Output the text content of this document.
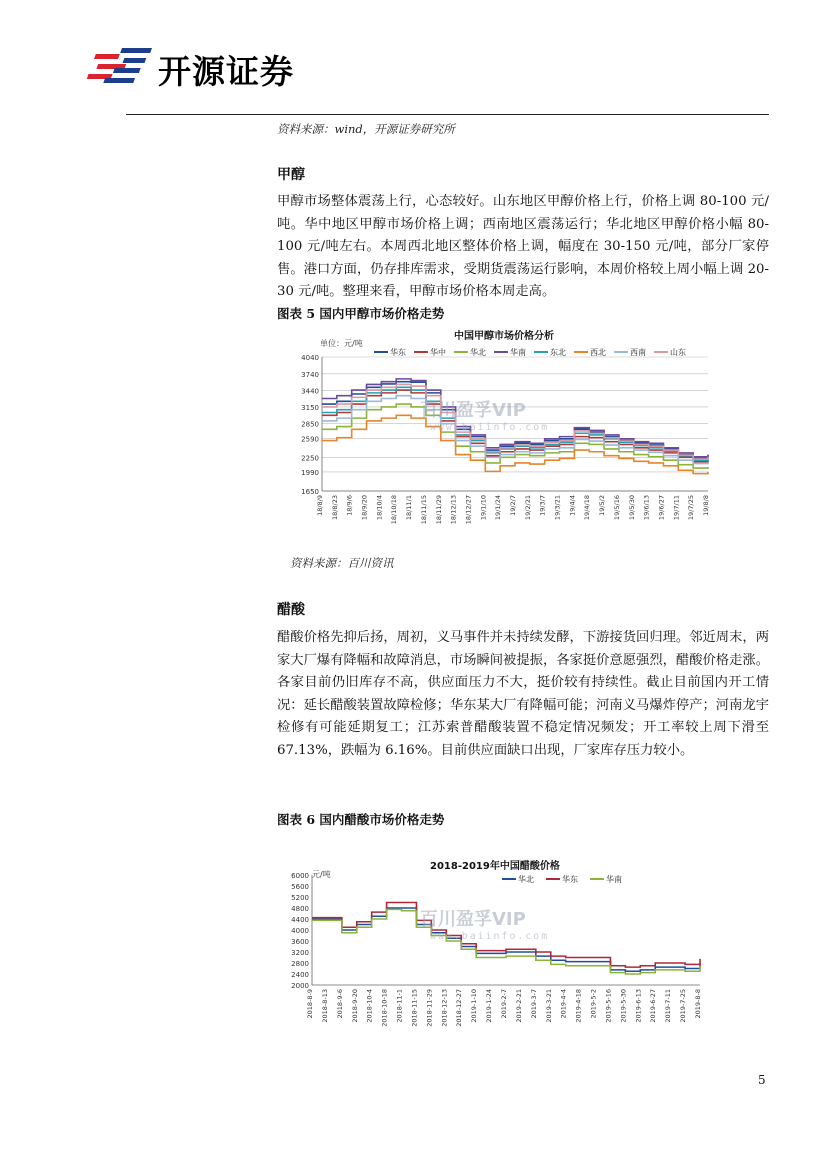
开源证券
资料来源：wind，开源证券研究所
甲醇

甲醇市场整体震荡上行，心态较好。山东地区甲醇价格上行，价格上调 80-100 元/吨。华中地区甲醇市场价格上调；西南地区震荡运行；华北地区甲醇价格小幅 80-100 元/吨左右。本周西北地区整体价格上调，幅度在 30-150 元/吨，部分厂家停售。港口方面，仍存排库需求，受期货震荡运行影响，本周价格较上周小幅上调 20-30 元/吨。整理来看，甲醇市场价格本周走高。

图表 5 国内甲醇市场价格走势
中国甲醇市场价格分析
单位：元/吨
华东	华中	华北	华南	东北	西北	西南	山东
1650
1990
2250
2590
2850
3150
3440
3740
4040
18/8/9 18/8/23 18/9/6 18/9/20 18/10/4 18/10/18 18/11/1 18/11/15 18/11/29 18/12/13 18/12/27 19/1/10 19/1/24 19/2/7 19/2/21 19/3/7 19/3/21 19/4/4 19/4/18 19/5/2 19/5/16 19/5/30 19/6/13 19/6/27 19/7/11 19/7/25 19/8/8
百川盈孚VIP
www.baiinfo.com
资料来源：百川资讯
醋酸

醋酸价格先抑后扬，周初，义马事件并未持续发酵，下游接货回归理。邻近周末，两家大厂爆有降幅和故障消息，市场瞬间被提振，各家挺价意愿强烈，醋酸价格走涨。各家目前仍旧库存不高，供应面压力不大，挺价较有持续性。截止目前国内开工情况：延长醋酸装置故障检修；华东某大厂有降幅可能；河南义马爆炸停产；河南龙宇检修有可能延期复工；江苏索普醋酸装置不稳定情况频发；开工率较上周下滑至 67.13%，跌幅为 6.16%。目前供应面缺口出现，厂家库存压力较小。

图表 6 国内醋酸市场价格走势
2018-2019年中国醋酸价格
元/吨
华北	华东	华南
2000
2400
2800
3200
3600
4000
4400
4800
5200
5600
6000
2018-8-9 2018-8-13 2018-9-6 2018-9-20 2018-10-4 2018-10-18 2018-11-1 2018-11-15 2018-11-29 2018-12-13 2018-12-27 2019-1-10 2019-1-24 2019-2-7 2019-2-21 2019-3-7 2019-3-21 2019-4-4 2019-4-18 2019-5-2 2019-5-16 2019-5-30 2019-6-13 2019-6-27 2019-7-11 2019-7-25 2019-8-8
百川盈孚VIP
www.baiinfo.com
5
